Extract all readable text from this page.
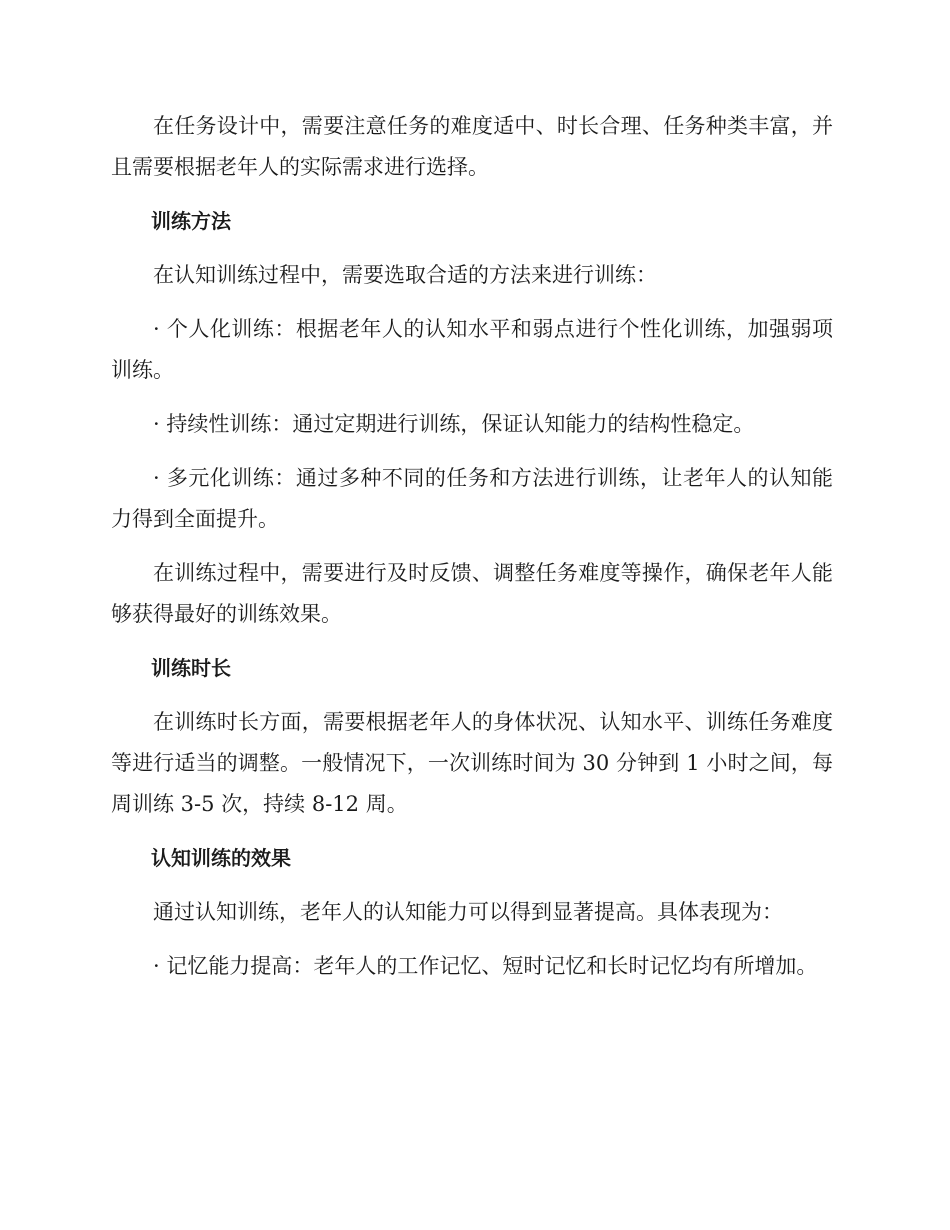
在任务设计中，需要注意任务的难度适中、时长合理、任务种类丰富，并且需要根据老年人的实际需求进行选择。

训练方法

在认知训练过程中，需要选取合适的方法来进行训练：

· 个人化训练：根据老年人的认知水平和弱点进行个性化训练，加强弱项训练。

· 持续性训练：通过定期进行训练，保证认知能力的结构性稳定。

· 多元化训练：通过多种不同的任务和方法进行训练，让老年人的认知能力得到全面提升。

在训练过程中，需要进行及时反馈、调整任务难度等操作，确保老年人能够获得最好的训练效果。

训练时长

在训练时长方面，需要根据老年人的身体状况、认知水平、训练任务难度等进行适当的调整。一般情况下，一次训练时间为 30 分钟到 1 小时之间，每周训练 3-5 次，持续 8-12 周。

认知训练的效果

通过认知训练，老年人的认知能力可以得到显著提高。具体表现为：

· 记忆能力提高：老年人的工作记忆、短时记忆和长时记忆均有所增加。
